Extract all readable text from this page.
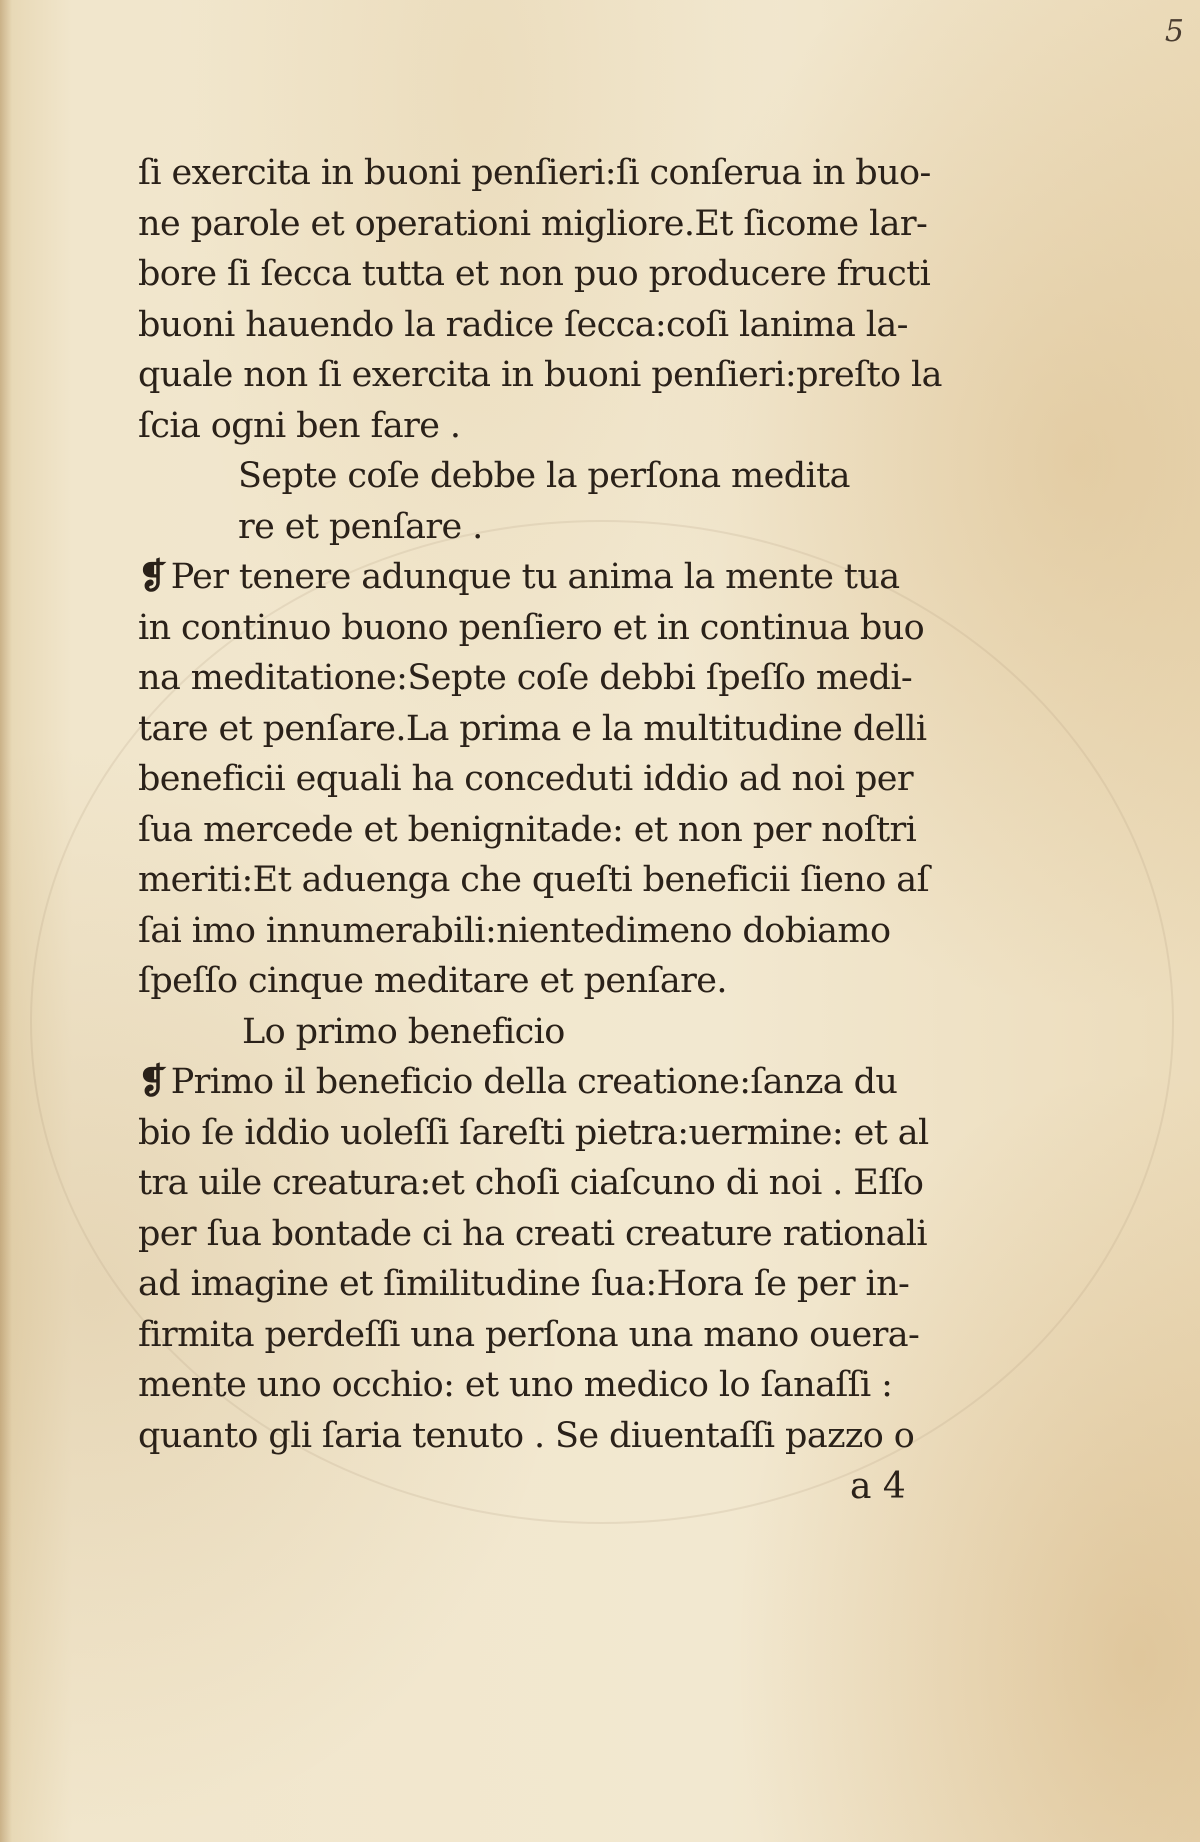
5
ſi exercita in buoni penſieri:ſi conſerua in buo-
ne parole et operationi migliore.Et ſicome lar-
bore ſi ſecca tutta et non puo producere fructi
buoni hauendo la radice ſecca:coſi lanima la-
quale non ſi exercita in buoni penſieri:preſto la
ſcia ogni ben fare .
Septe coſe debbe la perſona medita
re et penſare .
❡ Per tenere adunque tu anima la mente tua
in continuo buono penſiero et in continua buo
na meditatione:Septe coſe debbi ſpeſſo medi-
tare et penſare.La prima e la multitudine delli
beneficii equali ha conceduti iddio ad noi per
ſua mercede et benignitade: et non per noſtri
meriti:Et aduenga che queſti beneficii ſieno aſ
ſai imo innumerabili:nientedimeno dobiamo
ſpeſſo cinque meditare et penſare.
Lo primo beneficio
❡ Primo il beneficio della creatione:ſanza du
bio ſe iddio uoleſſi ſareſti pietra:uermine: et al
tra uile creatura:et choſi ciaſcuno di noi . Eſſo
per ſua bontade ci ha creati creature rationali
ad imagine et ſimilitudine ſua:Hora ſe per in-
firmita perdeſſi una perſona una mano ouera-
mente uno occhio: et uno medico lo ſanaſſi :
quanto gli ſaria tenuto . Se diuentaſſi pazzo o
a 4
